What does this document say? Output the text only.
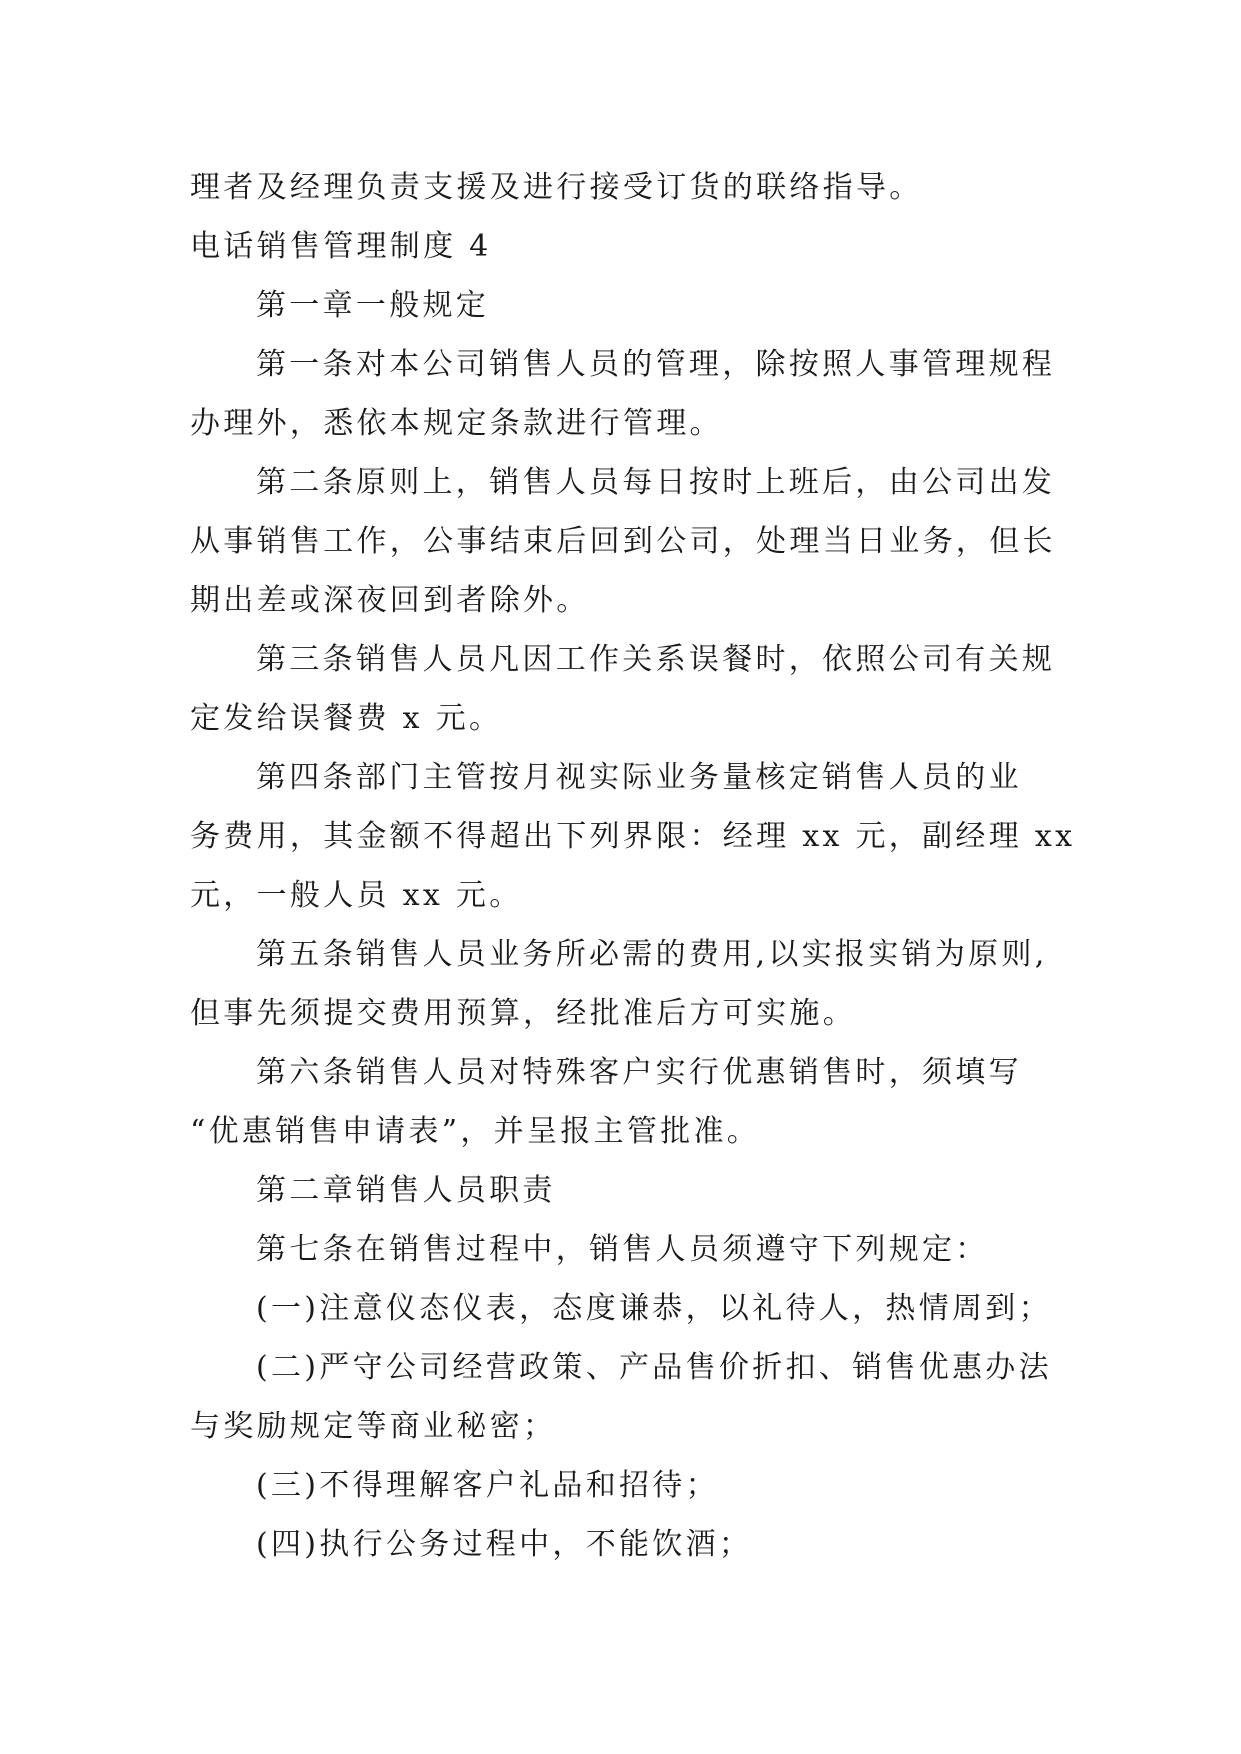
理者及经理负责支援及进行接受订货的联络指导。
电话销售管理制度 4
第一章一般规定
第一条对本公司销售人员的管理，除按照人事管理规程
办理外，悉依本规定条款进行管理。
第二条原则上，销售人员每日按时上班后，由公司出发
从事销售工作，公事结束后回到公司，处理当日业务，但长
期出差或深夜回到者除外。
第三条销售人员凡因工作关系误餐时，依照公司有关规
定发给误餐费 x 元。
第四条部门主管按月视实际业务量核定销售人员的业
务费用，其金额不得超出下列界限：经理 xx 元，副经理 xx
元，一般人员 xx 元。
第五条销售人员业务所必需的费用,以实报实销为原则,
但事先须提交费用预算，经批准后方可实施。
第六条销售人员对特殊客户实行优惠销售时，须填写
“优惠销售申请表”，并呈报主管批准。
第二章销售人员职责
第七条在销售过程中，销售人员须遵守下列规定：
(一)注意仪态仪表，态度谦恭，以礼待人，热情周到；
(二)严守公司经营政策、产品售价折扣、销售优惠办法
与奖励规定等商业秘密；
(三)不得理解客户礼品和招待；
(四)执行公务过程中，不能饮酒；
